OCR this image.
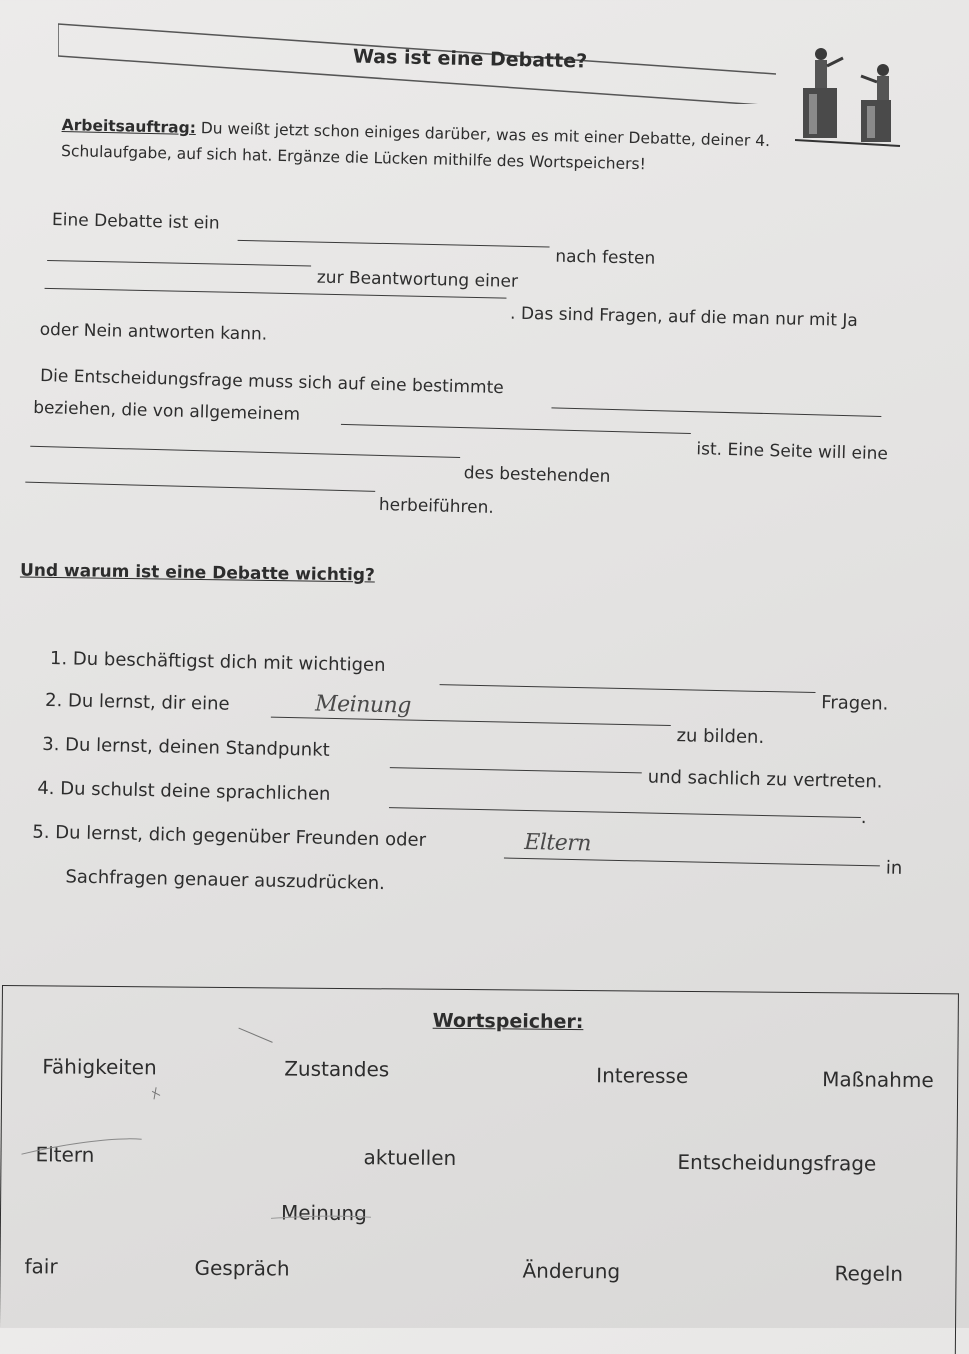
Was ist eine Debatte?
Arbeitsauftrag: Du weißt jetzt schon einiges darüber, was es mit einer Debatte, deiner 4. Schulaufgabe, auf sich hat. Ergänze die Lücken mithilfe des Wortspeichers!
Eine Debatte ist ein
nach festen
zur Beantwortung einer
. Das sind Fragen, auf die man nur mit Ja
oder Nein antworten kann.
Die Entscheidungsfrage muss sich auf eine bestimmte
beziehen, die von allgemeinem
ist. Eine Seite will eine
des bestehenden
herbeiführen.
Und warum ist eine Debatte wichtig?
1. Du beschäftigst dich mit wichtigen
Fragen.
2. Du lernst, dir eine	Meinung
zu bilden.
3. Du lernst, deinen Standpunkt
und sachlich zu vertreten.
4. Du schulst deine sprachlichen
.
5. Du lernst, dich gegenüber Freunden oder	Eltern
in
Sachfragen genauer auszudrücken.
Wortspeicher:
Fähigkeiten	Zustandes	Interesse	Maßnahme
Eltern	aktuellen	Entscheidungsfrage
Meinung
fair	Gespräch	Änderung	Regeln
